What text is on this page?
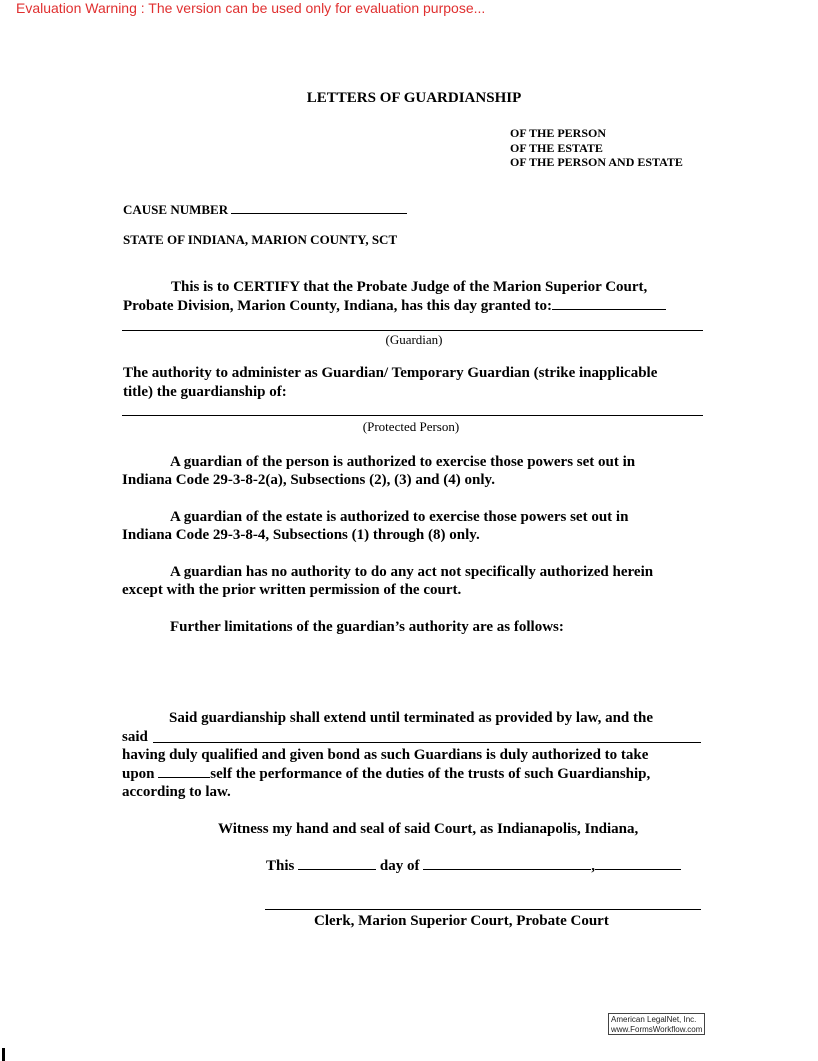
Evaluation Warning : The version can be used only for evaluation purpose...
LETTERS OF GUARDIANSHIP
OF THE PERSON
OF THE ESTATE
OF THE PERSON AND ESTATE
CAUSE NUMBER
STATE OF INDIANA, MARION COUNTY, SCT
This is to CERTIFY that the Probate Judge of the Marion Superior Court,
Probate Division, Marion County, Indiana, has this day granted to:
(Guardian)
The authority to administer as Guardian/ Temporary Guardian (strike inapplicable
title) the guardianship of:
(Protected Person)
A guardian of the person is authorized to exercise those powers set out in
Indiana Code 29-3-8-2(a), Subsections (2), (3) and (4) only.
A guardian of the estate is authorized to exercise those powers set out in
Indiana Code 29-3-8-4, Subsections (1) through (8) only.
A guardian has no authority to do any act not specifically authorized herein
except with the prior written permission of the court.
Further limitations of the guardian’s authority are as follows:
Said guardianship shall extend until terminated as provided by law, and the
said
having duly qualified and given bond as such Guardians is duly authorized to take
upon	self the performance of the duties of the trusts of such Guardianship,
according to law.
Witness my hand and seal of said Court, as Indianapolis, Indiana,
This	day of	,
Clerk, Marion Superior Court, Probate Court
American LegalNet, Inc.
www.FormsWorkflow.com
